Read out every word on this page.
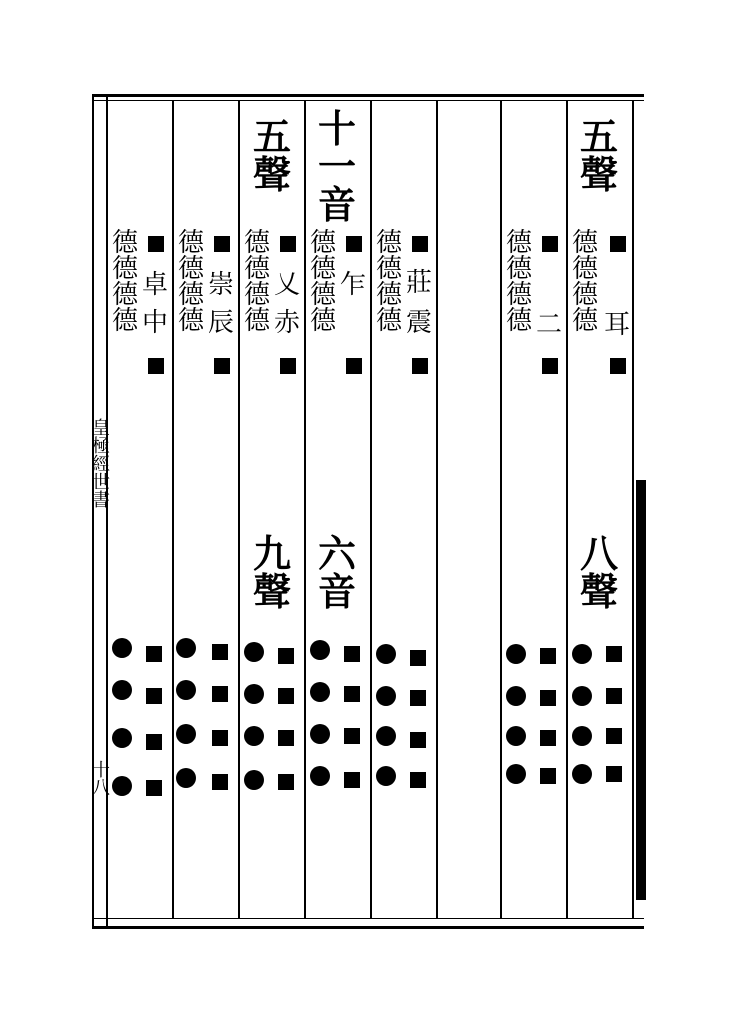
皇
極
經
世
書
十
八
五
聲
德
德
德
德 耳
八
聲
德
德
德
德 二
德
德
德
德
莊
震
十
一
音
德
德
德
德
乍
六
音
五
聲
德
德
德
德
乂
赤
九
聲
德
德
德
德
崇
辰
德
德
德
德
卓
中
